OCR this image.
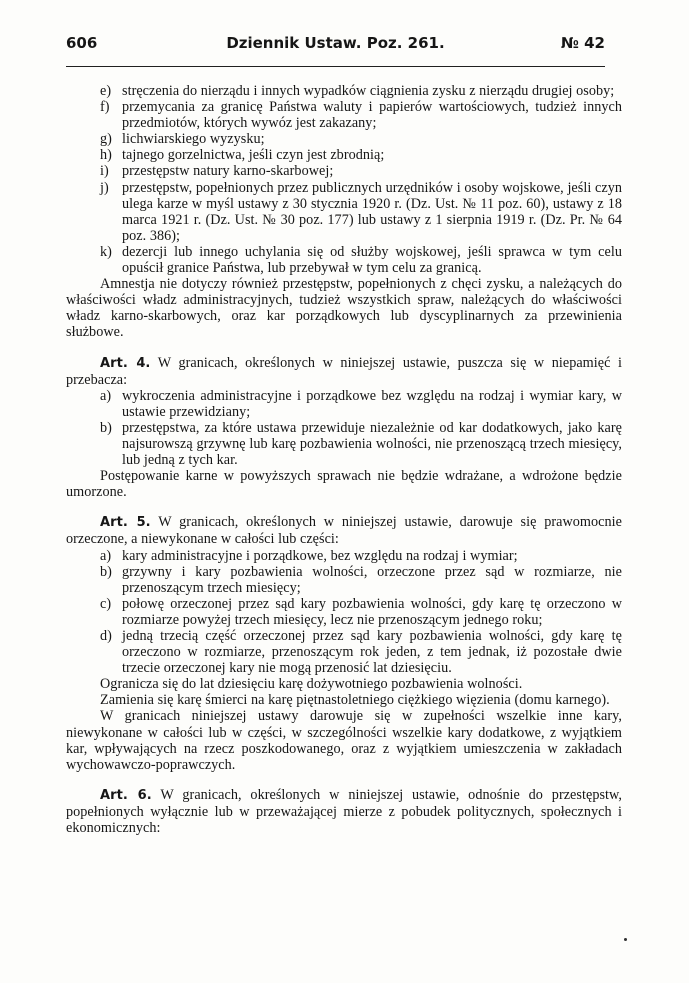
606	Dziennik Ustaw. Poz. 261.	№ 42
e) stręczenia do nierządu i innych wypadków ciągnienia zysku z nierządu drugiej osoby;
f) przemycania za granicę Państwa waluty i papierów wartościowych, tudzież innych przedmiotów, których wywóz jest zakazany;
g) lichwiarskiego wyzysku;
h) tajnego gorzelnictwa, jeśli czyn jest zbrodnią;
i) przestępstw natury karno-skarbowej;
j) przestępstw, popełnionych przez publicznych urzędników i osoby wojskowe, jeśli czyn ulega karze w myśl ustawy z 30 stycznia 1920 r. (Dz. Ust. № 11 poz. 60), ustawy z 18 marca 1921 r. (Dz. Ust. № 30 poz. 177) lub ustawy z 1 sierpnia 1919 r. (Dz. Pr. № 64 poz. 386);
k) dezercji lub innego uchylania się od służby wojskowej, jeśli sprawca w tym celu opuścił granice Państwa, lub przebywał w tym celu za granicą.

Amnestja nie dotyczy również przestępstw, popełnionych z chęci zysku, a należących do właściwości władz administracyjnych, tudzież wszystkich spraw, należących do właściwości władz karno-skarbowych, oraz kar porządkowych lub dyscyplinarnych za przewinienia służbowe.

Art. 4. W granicach, określonych w niniejszej ustawie, puszcza się w niepamięć i przebacza:

a) wykroczenia administracyjne i porządkowe bez względu na rodzaj i wymiar kary, w ustawie przewidziany;
b) przestępstwa, za które ustawa przewiduje niezależnie od kar dodatkowych, jako karę najsurowszą grzywnę lub karę pozbawienia wolności, nie przenoszącą trzech miesięcy, lub jedną z tych kar.

Postępowanie karne w powyższych sprawach nie będzie wdrażane, a wdrożone będzie umorzone.

Art. 5. W granicach, określonych w niniejszej ustawie, darowuje się prawomocnie orzeczone, a niewykonane w całości lub części:

a) kary administracyjne i porządkowe, bez względu na rodzaj i wymiar;
b) grzywny i kary pozbawienia wolności, orzeczone przez sąd w rozmiarze, nie przenoszącym trzech miesięcy;
c) połowę orzeczonej przez sąd kary pozbawienia wolności, gdy karę tę orzeczono w rozmiarze powyżej trzech miesięcy, lecz nie przenoszącym jednego roku;
d) jedną trzecią część orzeczonej przez sąd kary pozbawienia wolności, gdy karę tę orzeczono w rozmiarze, przenoszącym rok jeden, z tem jednak, iż pozostałe dwie trzecie orzeczonej kary nie mogą przenosić lat dziesięciu.

Ogranicza się do lat dziesięciu karę dożywotniego pozbawienia wolności.

Zamienia się karę śmierci na karę piętnastoletniego ciężkiego więzienia (domu karnego).

W granicach niniejszej ustawy darowuje się w zupełności wszelkie inne kary, niewykonane w całości lub w części, w szczególności wszelkie kary dodatkowe, z wyjątkiem kar, wpływających na rzecz poszkodowanego, oraz z wyjątkiem umieszczenia w zakładach wychowawczo-poprawczych.

Art. 6. W granicach, określonych w niniejszej ustawie, odnośnie do przestępstw, popełnionych wyłącznie lub w przeważającej mierze z pobudek politycznych, społecznych i ekonomicznych:
